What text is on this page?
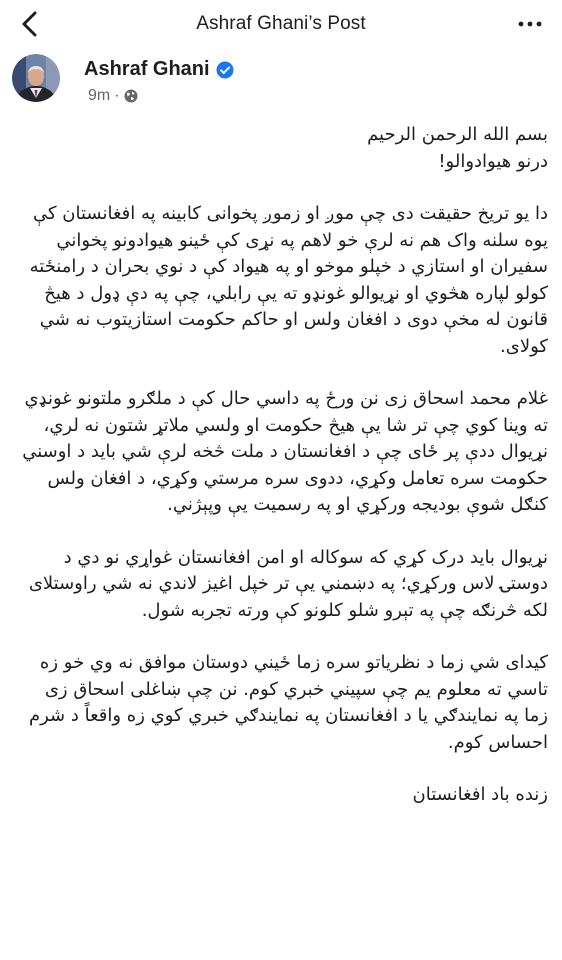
Ashraf Ghani’s Post
Ashraf Ghani
9m ·

بسم الله الرحمن الرحيم

درنو هيوادوالو!

دا يو تريخ حقيقت دی چې موږ او زموږ پخوانی کابينه په افغانستان کې يوه سلنه واک هم نه لرې خو لاهم په نړی کې ځينو هيوادونو پخواني سفيران او استازي د خپلو موخو او په هيواد کې د نوي بحران د رامنځته کولو لپاره هڅوي او نړيوالو غونډو ته يې رابلي، چې په دې ډول د هيڅ قانون له مخې دوی د افغان ولس او حاکم حکومت استازيتوب نه شي کولای.

غلام محمد اسحاق زی نن ورځ په داسي حال کې د ملګرو ملتونو غونډي ته وينا کوي چې تر شا يې هيڅ حکومت او ولسي ملاتړ شتون نه لري، نړيوال ددې پر ځای چې د افغانستان د ملت څخه لرې شي بايد د اوسني حکومت سره تعامل وکړي، ددوی سره مرستي وکړي، د افغان ولس کنګل شوې بوديجه ورکړي او په رسميت يې وپېژني.

نړيوال بايد درک کړي که سوکاله او امن افغانستان غواړي نو دي د دوستۍ لاس ورکړي؛ په دښمني يې تر خپل اغيز لاندي نه شي راوستلای لکه څرنګه چې په تېرو شلو کلونو کې ورته تجربه شول.

کيدای شي زما د نظرياتو سره زما ځيني دوستان موافق نه وي خو زه تاسي ته معلوم يم چې سپيني خبري کوم. نن چې ښاغلی اسحاق زی زما په نمايندګي يا د افغانستان په نمايندګي خبري کوي زه واقعاً د شرم احساس کوم.

زنده باد افغانستان
